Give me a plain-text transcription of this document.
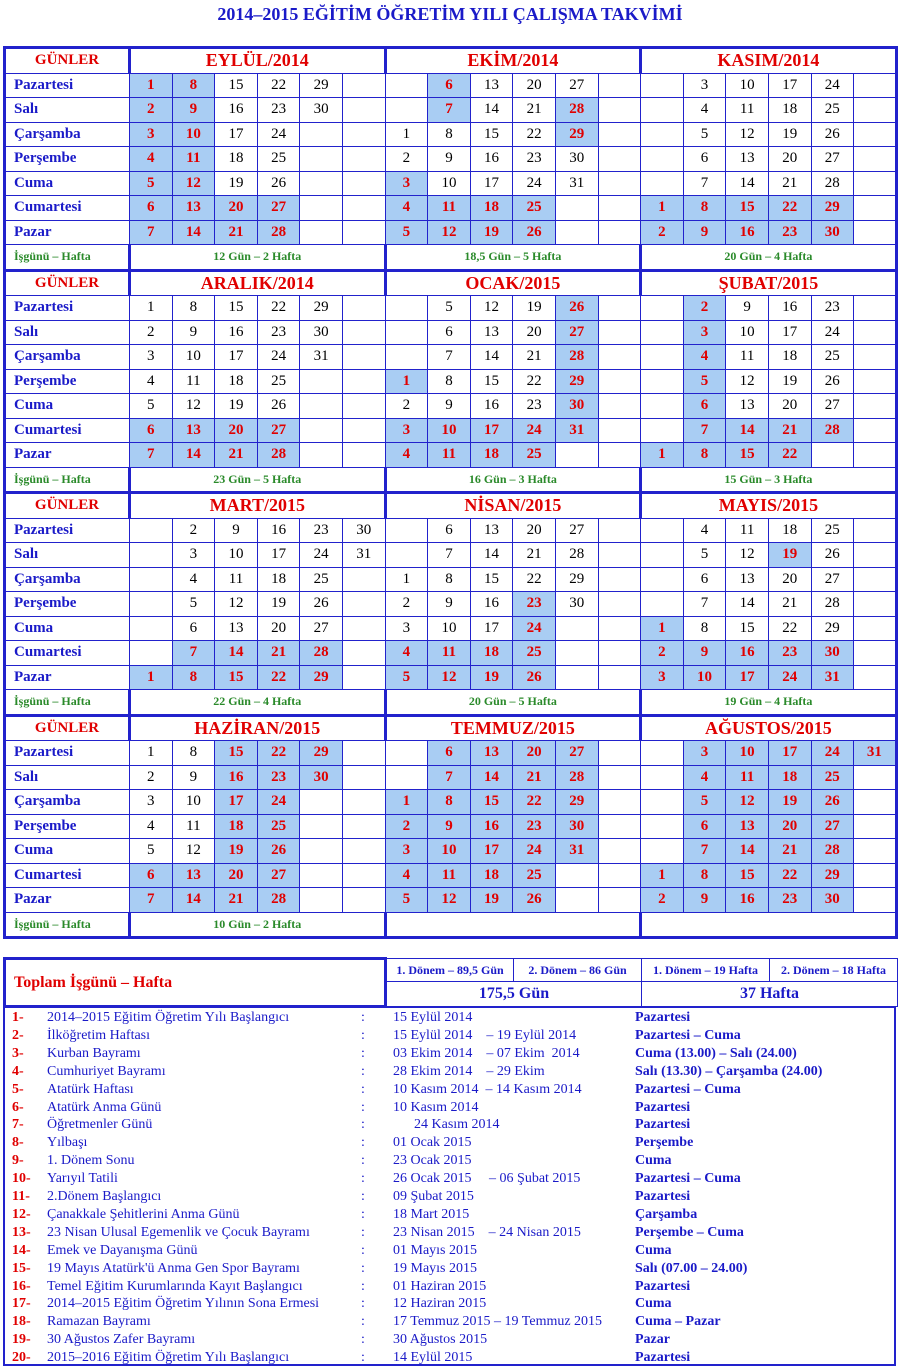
2014–2015 EĞİTİM ÖĞRETİM YILI ÇALIŞMA TAKVİMİ
GÜNLER	EYLÜL/2014						EKİM/2014						KASIM/2014					
Pazartesi	1	8	15	22	29			6	13	20	27			3	10	17	24	
Salı	2	9	16	23	30			7	14	21	28			4	11	18	25	
Çarşamba	3	10	17	24			1	8	15	22	29			5	12	19	26	
Perşembe	4	11	18	25			2	9	16	23	30			6	13	20	27	
Cuma	5	12	19	26			3	10	17	24	31			7	14	21	28	
Cumartesi	6	13	20	27			4	11	18	25			1	8	15	22	29	
Pazar	7	14	21	28			5	12	19	26			2	9	16	23	30	
İşgünü – Hafta	12 Gün – 2 Hafta						18,5 Gün – 5 Hafta						20 Gün – 4 Hafta					
GÜNLER	ARALIK/2014						OCAK/2015						ŞUBAT/2015					
Pazartesi	1	8	15	22	29			5	12	19	26			2	9	16	23	
Salı	2	9	16	23	30			6	13	20	27			3	10	17	24	
Çarşamba	3	10	17	24	31			7	14	21	28			4	11	18	25	
Perşembe	4	11	18	25			1	8	15	22	29			5	12	19	26	
Cuma	5	12	19	26			2	9	16	23	30			6	13	20	27	
Cumartesi	6	13	20	27			3	10	17	24	31			7	14	21	28	
Pazar	7	14	21	28			4	11	18	25			1	8	15	22		
İşgünü – Hafta	23 Gün – 5 Hafta						16 Gün – 3 Hafta						15 Gün – 3 Hafta					
GÜNLER	MART/2015						NİSAN/2015						MAYIS/2015					
Pazartesi		2	9	16	23	30		6	13	20	27			4	11	18	25	
Salı		3	10	17	24	31		7	14	21	28			5	12	19	26	
Çarşamba		4	11	18	25		1	8	15	22	29			6	13	20	27	
Perşembe		5	12	19	26		2	9	16	23	30			7	14	21	28	
Cuma		6	13	20	27		3	10	17	24			1	8	15	22	29	
Cumartesi		7	14	21	28		4	11	18	25			2	9	16	23	30	
Pazar	1	8	15	22	29		5	12	19	26			3	10	17	24	31	
İşgünü – Hafta	22 Gün – 4 Hafta						20 Gün – 5 Hafta						19 Gün – 4 Hafta					
GÜNLER	HAZİRAN/2015						TEMMUZ/2015						AĞUSTOS/2015					
Pazartesi	1	8	15	22	29			6	13	20	27			3	10	17	24	31
Salı	2	9	16	23	30			7	14	21	28			4	11	18	25	
Çarşamba	3	10	17	24			1	8	15	22	29			5	12	19	26	
Perşembe	4	11	18	25			2	9	16	23	30			6	13	20	27	
Cuma	5	12	19	26			3	10	17	24	31			7	14	21	28	
Cumartesi	6	13	20	27			4	11	18	25			1	8	15	22	29	
Pazar	7	14	21	28			5	12	19	26			2	9	16	23	30	
İşgünü – Hafta	10 Gün – 2 Hafta																	
Toplam İşgünü – Hafta	1. Dönem – 89,5 Gün	2. Dönem – 86 Gün	1. Dönem – 19 Hafta	2. Dönem – 18 Hafta
	175,5 Gün		37 Hafta	
1- 2014–2015 Eğitim Öğretim Yılı Başlangıcı	: 15 Eylül 2014	Pazartesi
2- İlköğretim Haftası	: 15 Eylül 2014    – 19 Eylül 2014	Pazartesi – Cuma
3- Kurban Bayramı	: 03 Ekim 2014    – 07 Ekim  2014	Cuma (13.00) – Salı (24.00)
4- Cumhuriyet Bayramı	: 28 Ekim 2014    – 29 Ekim	Salı (13.30) – Çarşamba (24.00)
5- Atatürk Haftası	: 10 Kasım 2014  – 14 Kasım 2014	Pazartesi – Cuma
6- Atatürk Anma Günü	: 10 Kasım 2014	Pazartesi
7- Öğretmenler Günü	: 24 Kasım 2014	Pazartesi
8- Yılbaşı	: 01 Ocak 2015	Perşembe
9- 1. Dönem Sonu	: 23 Ocak 2015	Cuma
10- Yarıyıl Tatili	: 26 Ocak 2015     – 06 Şubat 2015	Pazartesi – Cuma
11- 2.Dönem Başlangıcı	: 09 Şubat 2015	Pazartesi
12- Çanakkale Şehitlerini Anma Günü	: 18 Mart 2015	Çarşamba
13- 23 Nisan Ulusal Egemenlik ve Çocuk Bayramı	: 23 Nisan 2015    – 24 Nisan 2015	Perşembe – Cuma
14- Emek ve Dayanışma Günü	: 01 Mayıs 2015	Cuma
15- 19 Mayıs Atatürk'ü Anma Gen Spor Bayramı	: 19 Mayıs 2015	Salı (07.00 – 24.00)
16- Temel Eğitim Kurumlarında Kayıt Başlangıcı	: 01 Haziran 2015	Pazartesi
17- 2014–2015 Eğitim Öğretim Yılının Sona Ermesi	: 12 Haziran 2015	Cuma
18- Ramazan Bayramı	: 17 Temmuz 2015 – 19 Temmuz 2015 Cuma – Pazar
19- 30 Ağustos Zafer Bayramı	: 30 Ağustos 2015	Pazar
20- 2015–2016 Eğitim Öğretim Yılı Başlangıcı	: 14 Eylül 2015	Pazartesi
